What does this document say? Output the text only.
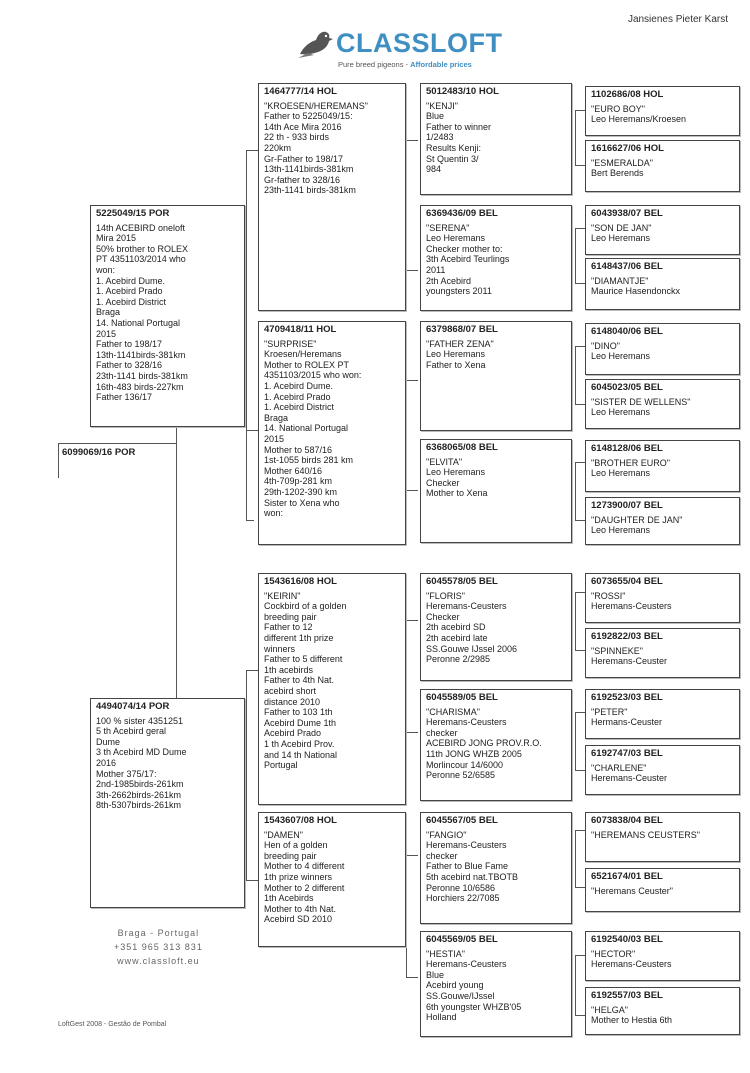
Jansienes Pieter Karst
CLASSLOFT
Pure breed pigeons - Affordable prices
6099069/16 POR
5225049/15 POR
14th ACEBIRD oneloft
Mira 2015
50% brother to ROLEX
PT 4351103/2014 who
won:
1. Acebird Dume.
1. Acebird Prado
1. Acebird District
Braga
14. National Portugal
2015
Father to 198/17
13th-1141birds-381km
Father to 328/16
23th-1141 birds-381km
16th-483 birds-227km
Father 136/17
4494074/14 POR
100 % sister 4351251
5 th Acebird geral
Dume
3 th Acebird MD Dume
2016
Mother 375/17:
2nd-1985birds-261km
3th-2662birds-261km
8th-5307birds-261km
1464777/14 HOL
"KROESEN/HEREMANS"
Father to 5225049/15:
14th Ace Mira 2016
22 th - 933 birds
220km
Gr-Father to 198/17
13th-1141birds-381km
Gr-father to 328/16
23th-1141 birds-381km
4709418/11 HOL
"SURPRISE"
Kroesen/Heremans
Mother to ROLEX PT
4351103/2015 who won:
1. Acebird Dume.
1. Acebird Prado
1. Acebird District
Braga
14. National Portugal
2015
Mother to 587/16
1st-1055 birds 281 km
Mother 640/16
4th-709p-281 km
29th-1202-390 km
Sister to Xena who
won:
1543616/08 HOL
"KEIRIN"
Cockbird of a golden
breeding pair
Father to 12
different 1th prize
winners
Father to 5 different
1th acebirds
Father to 4th Nat.
acebird short
distance 2010
Father to 103 1th
Acebird Dume 1th
Acebird Prado
1 th Acebird Prov.
and 14 th National
Portugal
1543607/08 HOL
"DAMEN"
Hen of a golden
breeding pair
Mother to 4 different
1th prize winners
Mother to 2 different
1th Acebirds
Mother to 4th Nat.
Acebird SD 2010
5012483/10 HOL
"KENJI"
Blue
Father to winner
1/2483
Results Kenji:
St Quentin 3/
984
6369436/09 BEL
"SERENA"
Leo Heremans
Checker mother to:
3th Acebird Teurlings
2011
2th Acebird
youngsters 2011
6379868/07 BEL
"FATHER ZENA"
Leo Heremans
Father to Xena
6368065/08 BEL
"ELVITA"
Leo Heremans
Checker
Mother to Xena
6045578/05 BEL
"FLORIS"
Heremans-Ceusters
Checker
2th acebird SD
2th acebird late
SS.Gouwe IJssel 2006
Peronne 2/2985
6045589/05 BEL
"CHARISMA"
Heremans-Ceusters
checker
ACEBIRD JONG PROV.R.O.
11th JONG WHZB 2005
Morlincour 14/6000
Peronne 52/6585
6045567/05 BEL
"FANGIO"
Heremans-Ceusters
checker
Father to Blue Fame
5th acebird nat.TBOTB
Peronne 10/6586
Horchiers 22/7085
6045569/05 BEL
"HESTIA"
Heremans-Ceusters
Blue
Acebird young
SS.Gouwe/IJssel
6th youngster WHZB'05
Holland
1102686/08 HOL
"EURO BOY"
Leo Heremans/Kroesen
1616627/06 HOL
"ESMERALDA"
Bert Berends
6043938/07 BEL
"SON DE JAN"
Leo Heremans
6148437/06 BEL
"DIAMANTJE"
Maurice Hasendonckx
6148040/06 BEL
"DINO"
Leo Heremans
6045023/05 BEL
"SISTER DE WELLENS"
Leo Heremans
6148128/06 BEL
"BROTHER EURO"
Leo Heremans
1273900/07 BEL
"DAUGHTER DE JAN"
Leo Heremans
6073655/04 BEL
"ROSSI"
Heremans-Ceusters
6192822/03 BEL
"SPINNEKE"
Heremans-Ceuster
6192523/03 BEL
"PETER"
Hermans-Ceuster
6192747/03 BEL
"CHARLENE"
Heremans-Ceuster
6073838/04 BEL
"HEREMANS CEUSTERS"
6521674/01 BEL
"Heremans Ceuster"
6192540/03 BEL
"HECTOR"
Heremans-Ceusters
6192557/03 BEL
"HELGA"
Mother to Hestia 6th
Braga - Portugal
+351 965 313 831
www.classloft.eu
LoftGest 2008 - Gestão de Pombal
